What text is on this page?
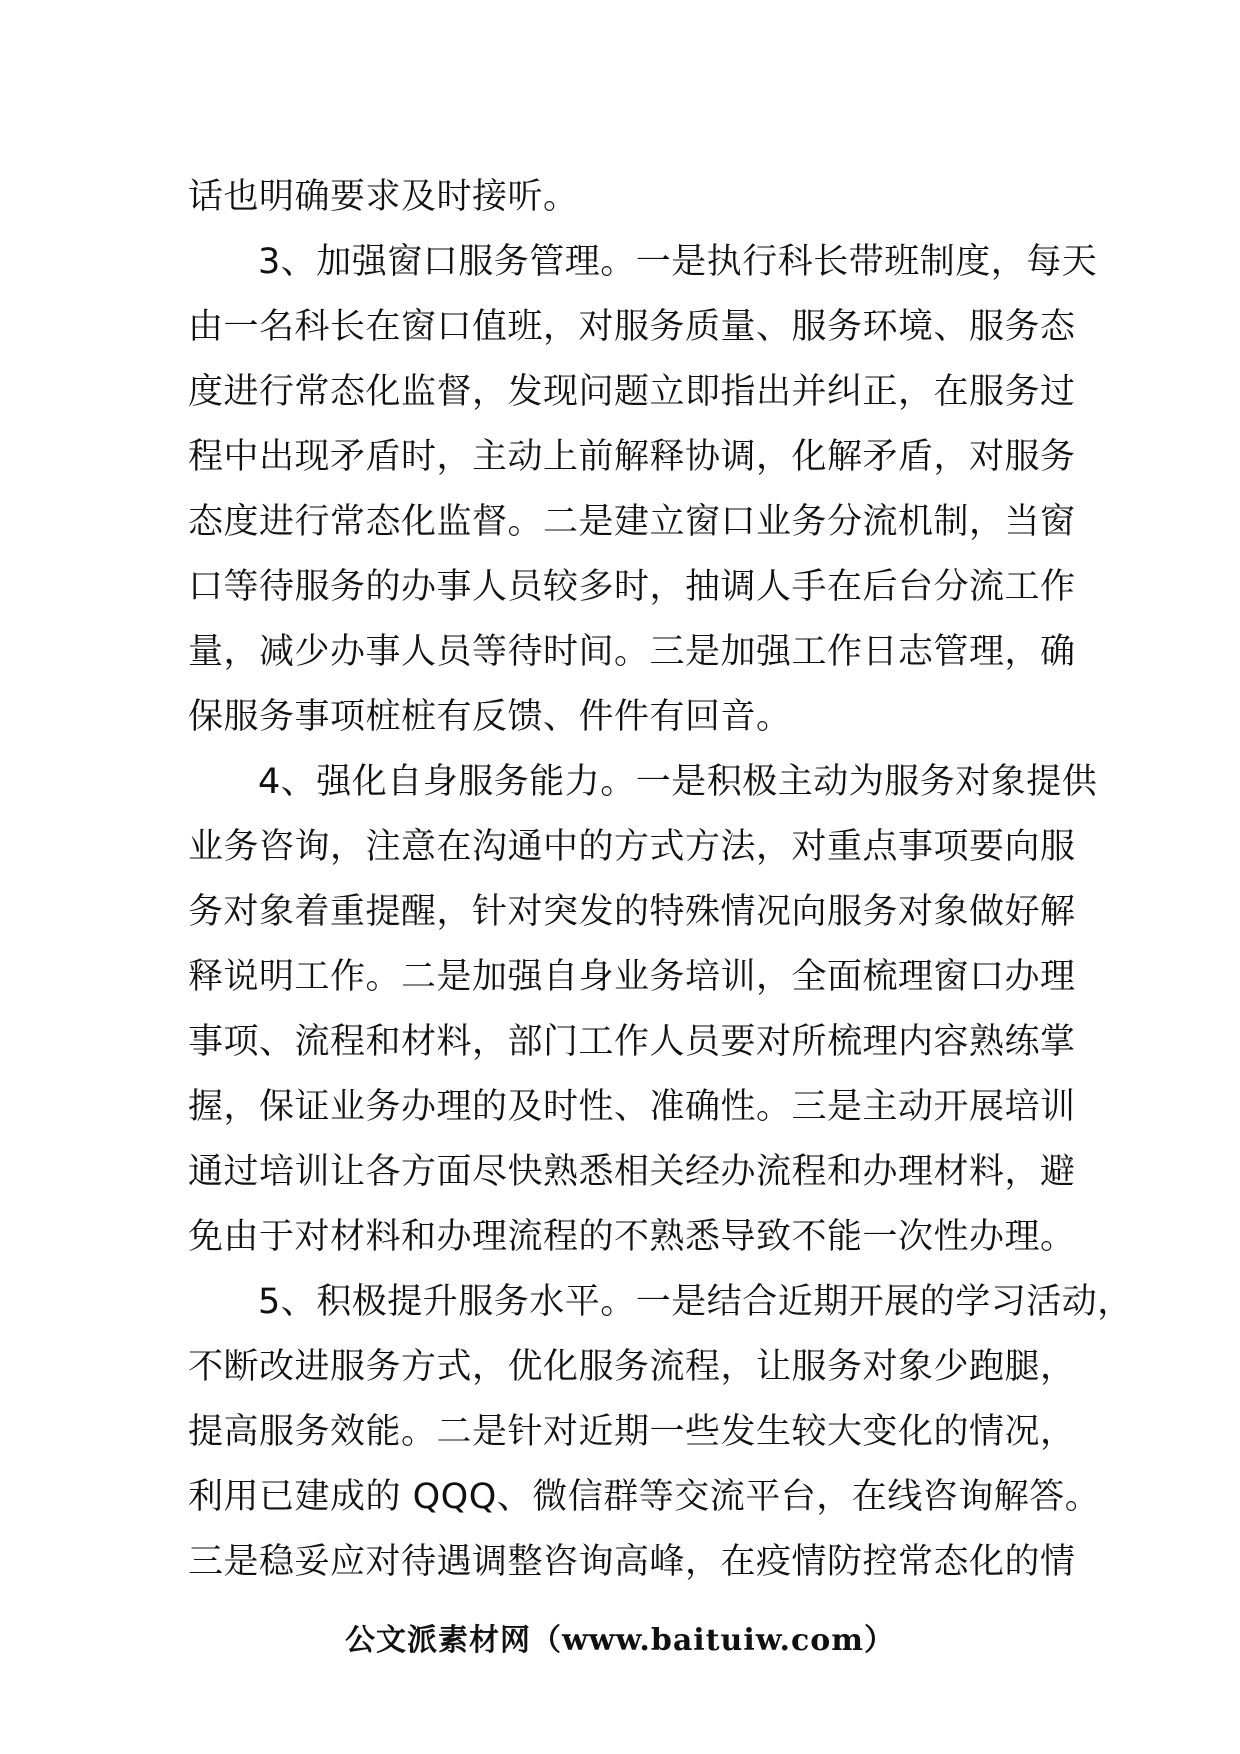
话也明确要求及时接听。
3、加强窗口服务管理。一是执行科长带班制度，每天
由一名科长在窗口值班，对服务质量、服务环境、服务态
度进行常态化监督，发现问题立即指出并纠正，在服务过
程中出现矛盾时，主动上前解释协调，化解矛盾，对服务
态度进行常态化监督。二是建立窗口业务分流机制，当窗
口等待服务的办事人员较多时，抽调人手在后台分流工作
量，减少办事人员等待时间。三是加强工作日志管理，确
保服务事项桩桩有反馈、件件有回音。
4、强化自身服务能力。一是积极主动为服务对象提供
业务咨询，注意在沟通中的方式方法，对重点事项要向服
务对象着重提醒，针对突发的特殊情况向服务对象做好解
释说明工作。二是加强自身业务培训，全面梳理窗口办理
事项、流程和材料，部门工作人员要对所梳理内容熟练掌
握，保证业务办理的及时性、准确性。三是主动开展培训
通过培训让各方面尽快熟悉相关经办流程和办理材料，避
免由于对材料和办理流程的不熟悉导致不能一次性办理。
5、积极提升服务水平。一是结合近期开展的学习活动，
不断改进服务方式，优化服务流程，让服务对象少跑腿，
提高服务效能。二是针对近期一些发生较大变化的情况，
利用已建成的 QQQ、微信群等交流平台，在线咨询解答。
三是稳妥应对待遇调整咨询高峰，在疫情防控常态化的情
公文派素材网（www.baituiw.com）
